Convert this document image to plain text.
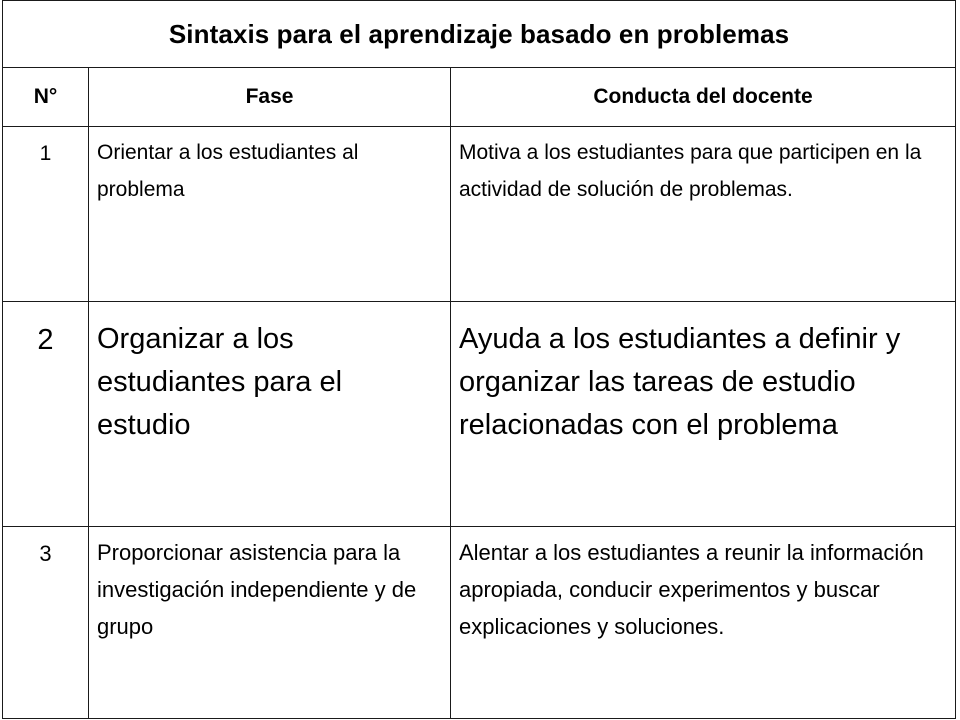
Sintaxis para el aprendizaje basado en problemas		
N°	Fase	Conducta del docente
1	Orientar a los estudiantes al problema	Motiva a los estudiantes para que participen en la actividad de solución de problemas.
2	Organizar a los estudiantes para el estudio	Ayuda a los estudiantes a definir y organizar las tareas de estudio relacionadas con el problema
3	Proporcionar asistencia para la investigación independiente y de grupo	Alentar a los estudiantes a reunir la información apropiada, conducir experimentos y buscar explicaciones y soluciones.
